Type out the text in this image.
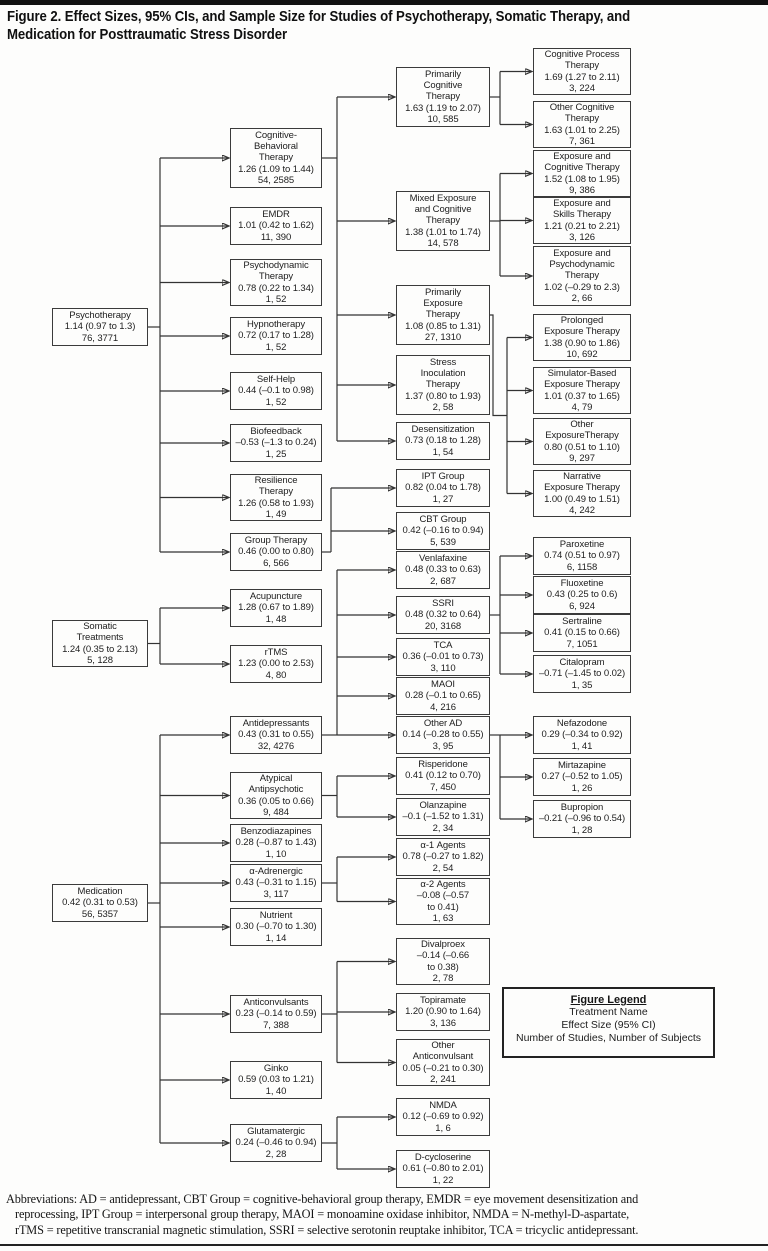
Figure 2. Effect Sizes, 95% CIs, and Sample Size for Studies of Psychotherapy, Somatic Therapy, and
Medication for Posttraumatic Stress Disorder
Psychotherapy
1.14 (0.97 to 1.3)
76, 3771
Somatic
Treatments
1.24 (0.35 to 2.13)
5, 128
Medication
0.42 (0.31 to 0.53)
56, 5357
Cognitive-
Behavioral
Therapy
1.26 (1.09 to 1.44)
54, 2585
EMDR
1.01 (0.42 to 1.62)
11, 390
Psychodynamic
Therapy
0.78 (0.22 to 1.34)
1, 52
Hypnotherapy
0.72 (0.17 to 1.28)
1, 52
Self-Help
0.44 (–0.1 to 0.98)
1, 52
Biofeedback
–0.53 (–1.3 to 0.24)
1, 25
Resilience
Therapy
1.26 (0.58 to 1.93)
1, 49
Group Therapy
0.46 (0.00 to 0.80)
6, 566
Acupuncture
1.28 (0.67 to 1.89)
1, 48
rTMS
1.23 (0.00 to 2.53)
4, 80
Antidepressants
0.43 (0.31 to 0.55)
32, 4276
Atypical
Antipsychotic
0.36 (0.05 to 0.66)
9, 484
Benzodiazapines
0.28 (–0.87 to 1.43)
1, 10
α-Adrenergic
0.43 (–0.31 to 1.15)
3, 117
Nutrient
0.30 (–0.70 to 1.30)
1, 14
Anticonvulsants
0.23 (–0.14 to 0.59)
7, 388
Ginko
0.59 (0.03 to 1.21)
1, 40
Glutamatergic
0.24 (–0.46 to 0.94)
2, 28
Primarily
Cognitive
Therapy
1.63 (1.19 to 2.07)
10, 585
Mixed Exposure
and Cognitive
Therapy
1.38 (1.01 to 1.74)
14, 578
Primarily
Exposure
Therapy
1.08 (0.85 to 1.31)
27, 1310
Stress
Inoculation
Therapy
1.37 (0.80 to 1.93)
2, 58
Desensitization
0.73 (0.18 to 1.28)
1, 54
IPT Group
0.82 (0.04 to 1.78)
1, 27
CBT Group
0.42 (–0.16 to 0.94)
5, 539
Venlafaxine
0.48 (0.33 to 0.63)
2, 687
SSRI
0.48 (0.32 to 0.64)
20, 3168
TCA
0.36 (–0.01 to 0.73)
3, 110
MAOI
0.28 (–0.1 to 0.65)
4, 216
Other AD
0.14 (–0.28 to 0.55)
3, 95
Risperidone
0.41 (0.12 to 0.70)
7, 450
Olanzapine
–0.1 (–1.52 to 1.31)
2, 34
α-1 Agents
0.78 (–0.27 to 1.82)
2, 54
α-2 Agents
–0.08 (–0.57
to 0.41)
1, 63
Divalproex
–0.14 (–0.66
to 0.38)
2, 78
Topiramate
1.20 (0.90 to 1.64)
3, 136
Other
Anticonvulsant
0.05 (–0.21 to 0.30)
2, 241
NMDA
0.12 (–0.69 to 0.92)
1, 6
D-cycloserine
0.61 (–0.80 to 2.01)
1, 22
Cognitive Process
Therapy
1.69 (1.27 to 2.11)
3, 224
Other Cognitive
Therapy
1.63 (1.01 to 2.25)
7, 361
Exposure and
Cognitive Therapy
1.52 (1.08 to 1.95)
9, 386
Exposure and
Skills Therapy
1.21 (0.21 to 2.21)
3, 126
Exposure and
Psychodynamic
Therapy
1.02 (–0.29 to 2.3)
2, 66
Prolonged
Exposure Therapy
1.38 (0.90 to 1.86)
10, 692
Simulator-Based
Exposure Therapy
1.01 (0.37 to 1.65)
4, 79
Other
ExposureTherapy
0.80 (0.51 to 1.10)
9, 297
Narrative
Exposure Therapy
1.00 (0.49 to 1.51)
4, 242
Paroxetine
0.74 (0.51 to 0.97)
6, 1158
Fluoxetine
0.43 (0.25 to 0.6)
6, 924
Sertraline
0.41 (0.15 to 0.66)
7, 1051
Citalopram
–0.71 (–1.45 to 0.02)
1, 35
Nefazodone
0.29 (–0.34 to 0.92)
1, 41
Mirtazapine
0.27 (–0.52 to 1.05)
1, 26
Bupropion
–0.21 (–0.96 to 0.54)
1, 28
Figure Legend
Treatment Name
Effect Size (95% CI)
Number of Studies, Number of Subjects
Abbreviations: AD = antidepressant, CBT Group = cognitive-behavioral group therapy, EMDR = eye movement desensitization and
reprocessing, IPT Group = interpersonal group therapy, MAOI = monoamine oxidase inhibitor, NMDA = N-methyl-D-aspartate,
rTMS = repetitive transcranial magnetic stimulation, SSRI = selective serotonin reuptake inhibitor, TCA = tricyclic antidepressant.
